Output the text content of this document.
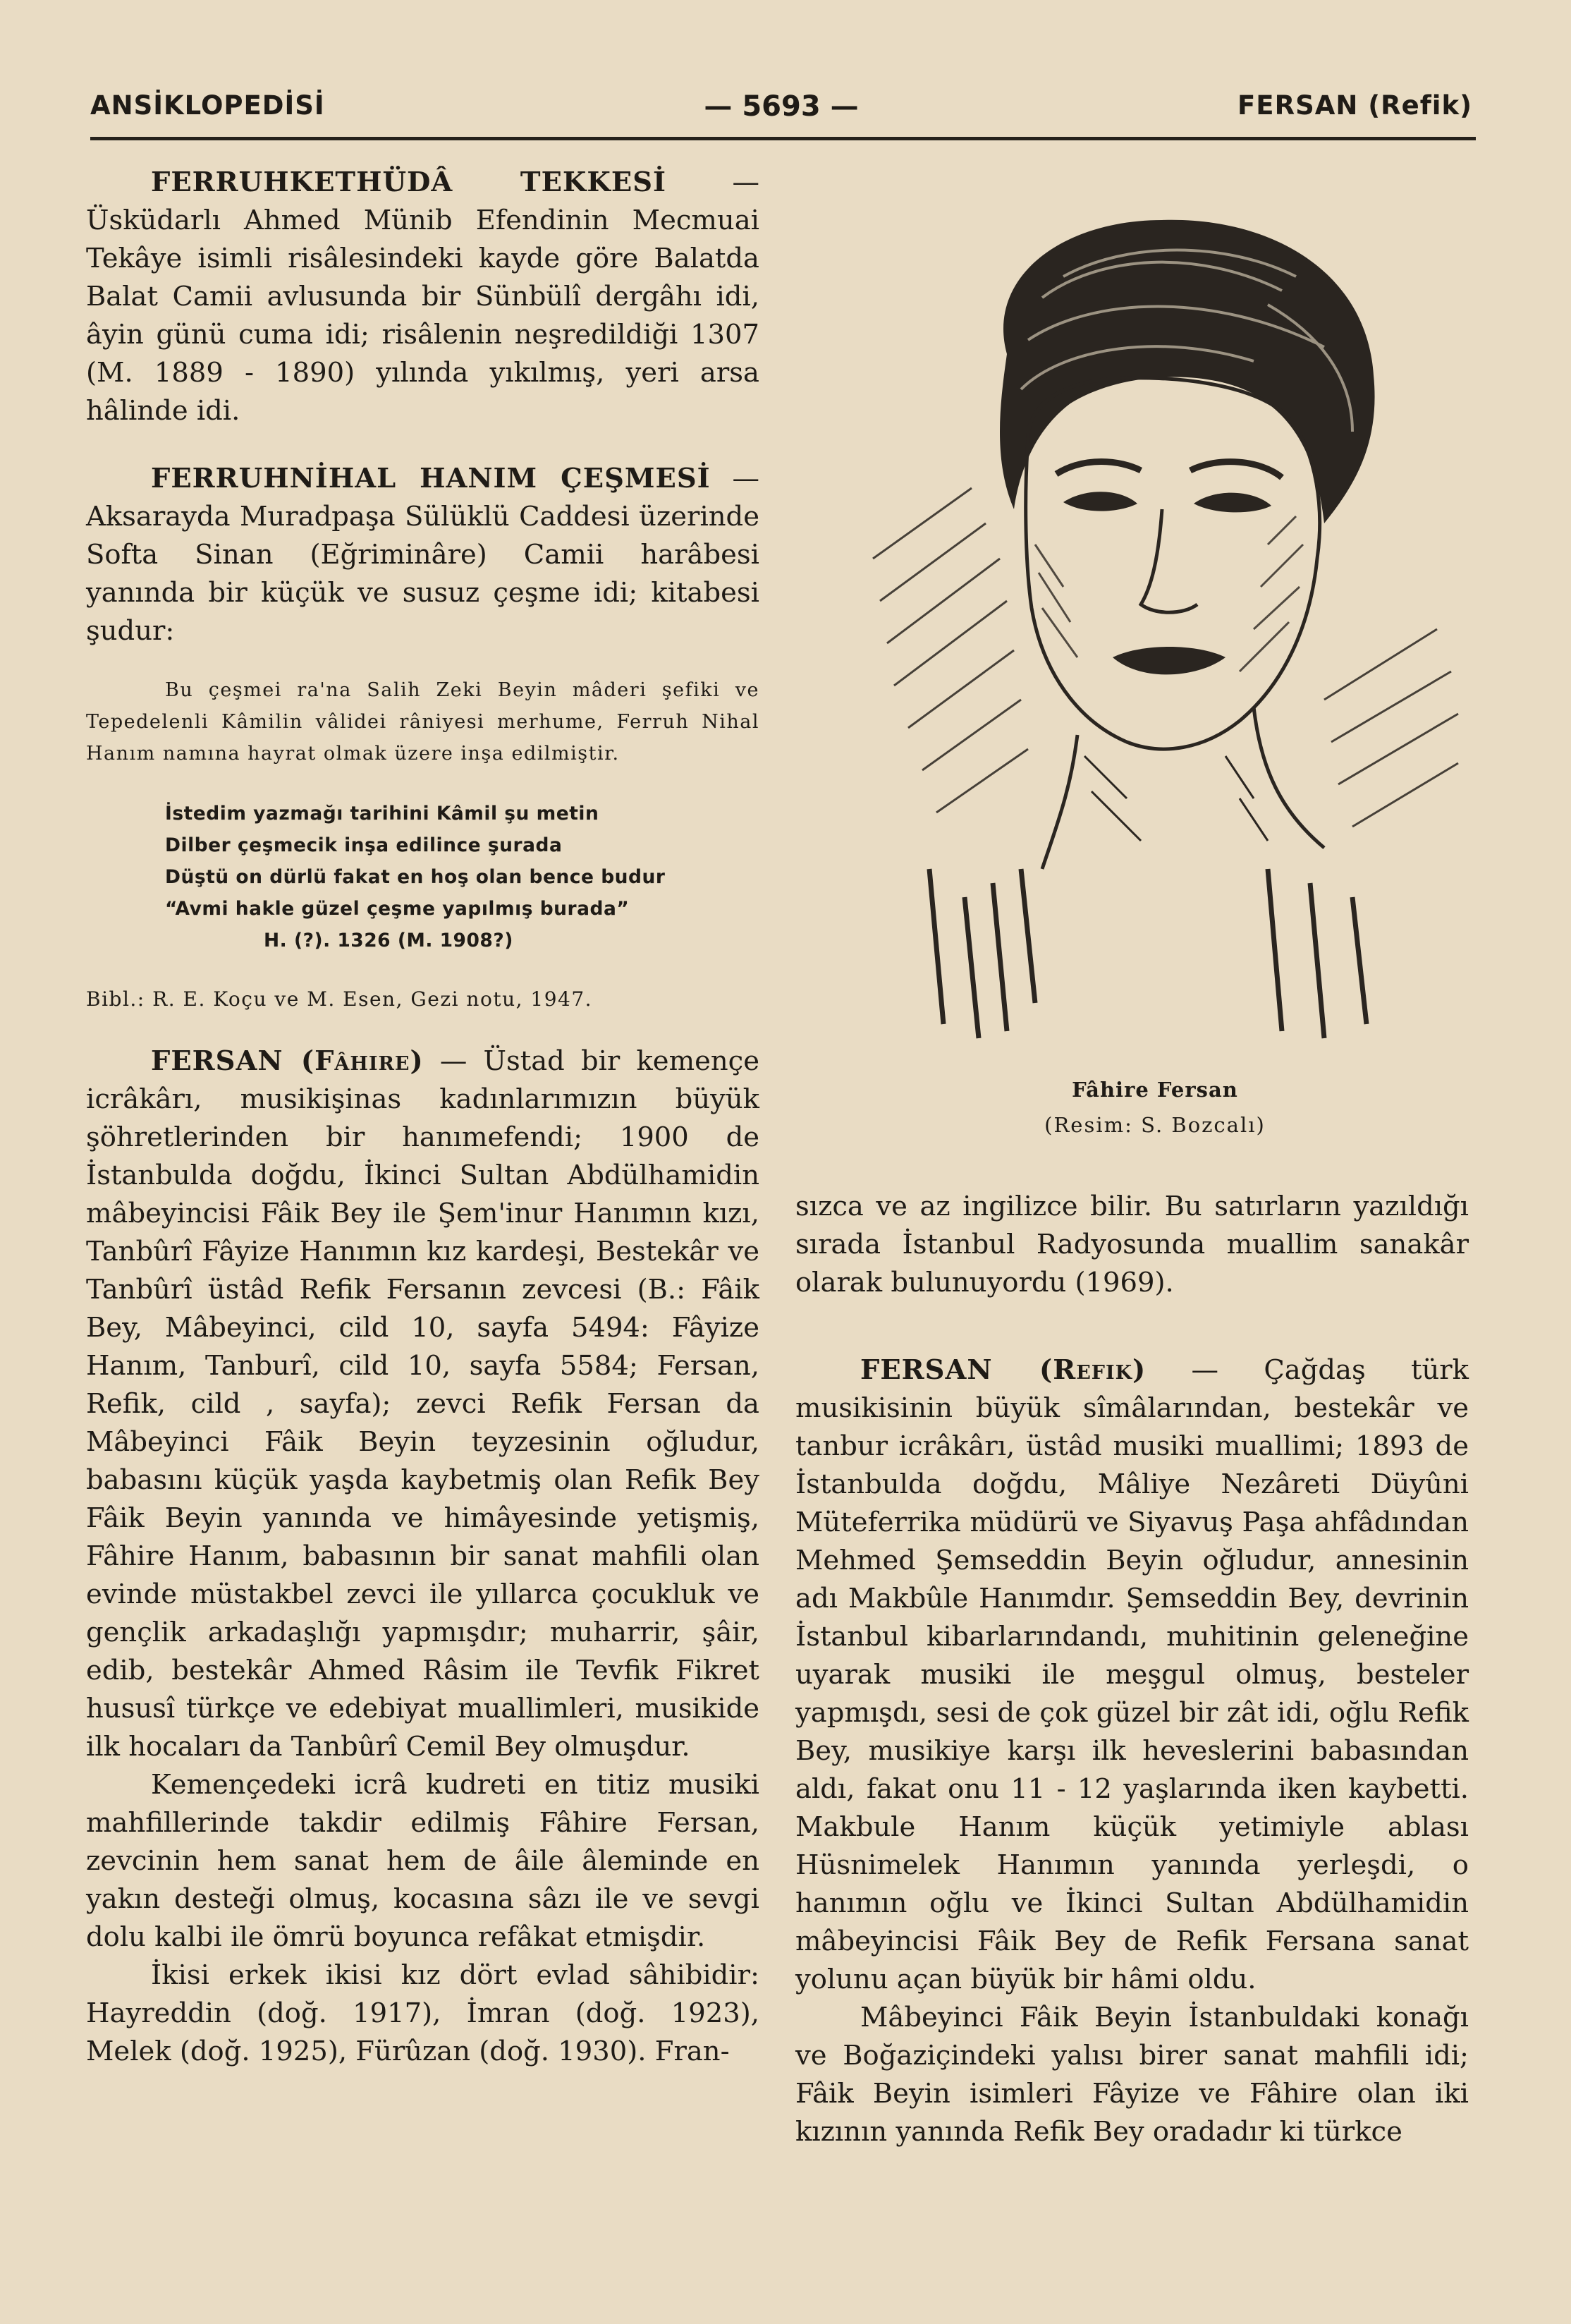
ANSİKLOPEDİSİ	— 5693 —	FERSAN (Refik)

FERRUHKETHÜDÂ TEKKESİ — Üsküdarlı Ahmed Münib Efendinin Mecmuai Tekâye isimli risâlesindeki kayde göre Balatda Balat Camii avlusunda bir Sünbülî dergâhı idi, âyin günü cuma idi; risâlenin neşredildiği 1307 (M. 1889 - 1890) yılında yıkılmış, yeri arsa hâlinde idi.

FERRUHNİHAL HANIM ÇEŞMESİ — Aksarayda Muradpaşa Sülüklü Caddesi üzerinde Softa Sinan (Eğriminâre) Camii harâbesi yanında bir küçük ve susuz çeşme idi; kitabesi şudur:

Bu çeşmei ra'na Salih Zeki Beyin mâderi şefiki ve Tepedelenli Kâmilin vâlidei râniyesi merhume, Ferruh Nihal Hanım namına hayrat olmak üzere inşa edilmiştir.

İstedim yazmağı tarihini Kâmil şu metin
Dilber çeşmecik inşa edilince şurada
Düştü on dürlü fakat en hoş olan bence budur
“Avmi hakle güzel çeşme yapılmış burada”
H. (?). 1326 (M. 1908?)

Bibl.: R. E. Koçu ve M. Esen, Gezi notu, 1947.

FERSAN (Fâhire) — Üstad bir kemençe icrâkârı, musikişinas kadınlarımızın büyük şöhretlerinden bir hanımefendi; 1900 de İstanbulda doğdu, İkinci Sultan Abdülhamidin mâbeyincisi Fâik Bey ile Şem'inur Hanımın kızı, Tanbûrî Fâyize Hanımın kız kardeşi, Bestekâr ve Tanbûrî üstâd Refik Fersanın zevcesi (B.: Fâik Bey, Mâbeyinci, cild 10, sayfa 5494: Fâyize Hanım, Tanburî, cild 10, sayfa 5584; Fersan, Refik, cild , sayfa); zevci Refik Fersan da Mâbeyinci Fâik Beyin teyzesinin oğludur, babasını küçük yaşda kaybetmiş olan Refik Bey Fâik Beyin yanında ve himâyesinde yetişmiş, Fâhire Hanım, babasının bir sanat mahfili olan evinde müstakbel zevci ile yıllarca çocukluk ve gençlik arkadaşlığı yapmışdır; muharrir, şâir, edib, bestekâr Ahmed Râsim ile Tevfik Fikret hususî türkçe ve edebiyat muallimleri, musikide ilk hocaları da Tanbûrî Cemil Bey olmuşdur.

Kemençedeki icrâ kudreti en titiz musiki mahfillerinde takdir edilmiş Fâhire Fersan, zevcinin hem sanat hem de âile âleminde en yakın desteği olmuş, kocasına sâzı ile ve sevgi dolu kalbi ile ömrü boyunca refâkat etmişdir.

İkisi erkek ikisi kız dört evlad sâhibidir: Hayreddin (doğ. 1917), İmran (doğ. 1923), Melek (doğ. 1925), Fürûzan (doğ. 1930). Fran-

Fâhire Fersan
(Resim: S. Bozcalı)

sızca ve az ingilizce bilir. Bu satırların yazıldığı sırada İstanbul Radyosunda muallim sanakâr olarak bulunuyordu (1969).

FERSAN (Refik) — Çağdaş türk musikisinin büyük sîmâlarından, bestekâr ve tanbur icrâkârı, üstâd musiki muallimi; 1893 de İstanbulda doğdu, Mâliye Nezâreti Düyûni Müteferrika müdürü ve Siyavuş Paşa ahfâdından Mehmed Şemseddin Beyin oğludur, annesinin adı Makbûle Hanımdır. Şemseddin Bey, devrinin İstanbul kibarlarındandı, muhitinin geleneğine uyarak musiki ile meşgul olmuş, besteler yapmışdı, sesi de çok güzel bir zât idi, oğlu Refik Bey, musikiye karşı ilk heveslerini babasından aldı, fakat onu 11 - 12 yaşlarında iken kaybetti. Makbule Hanım küçük yetimiyle ablası Hüsnimelek Hanımın yanında yerleşdi, o hanımın oğlu ve İkinci Sultan Abdülhamidin mâbeyincisi Fâik Bey de Refik Fersana sanat yolunu açan büyük bir hâmi oldu.

Mâbeyinci Fâik Beyin İstanbuldaki konağı ve Boğaziçindeki yalısı birer sanat mahfili idi; Fâik Beyin isimleri Fâyize ve Fâhire olan iki kızının yanında Refik Bey oradadır ki türkce
